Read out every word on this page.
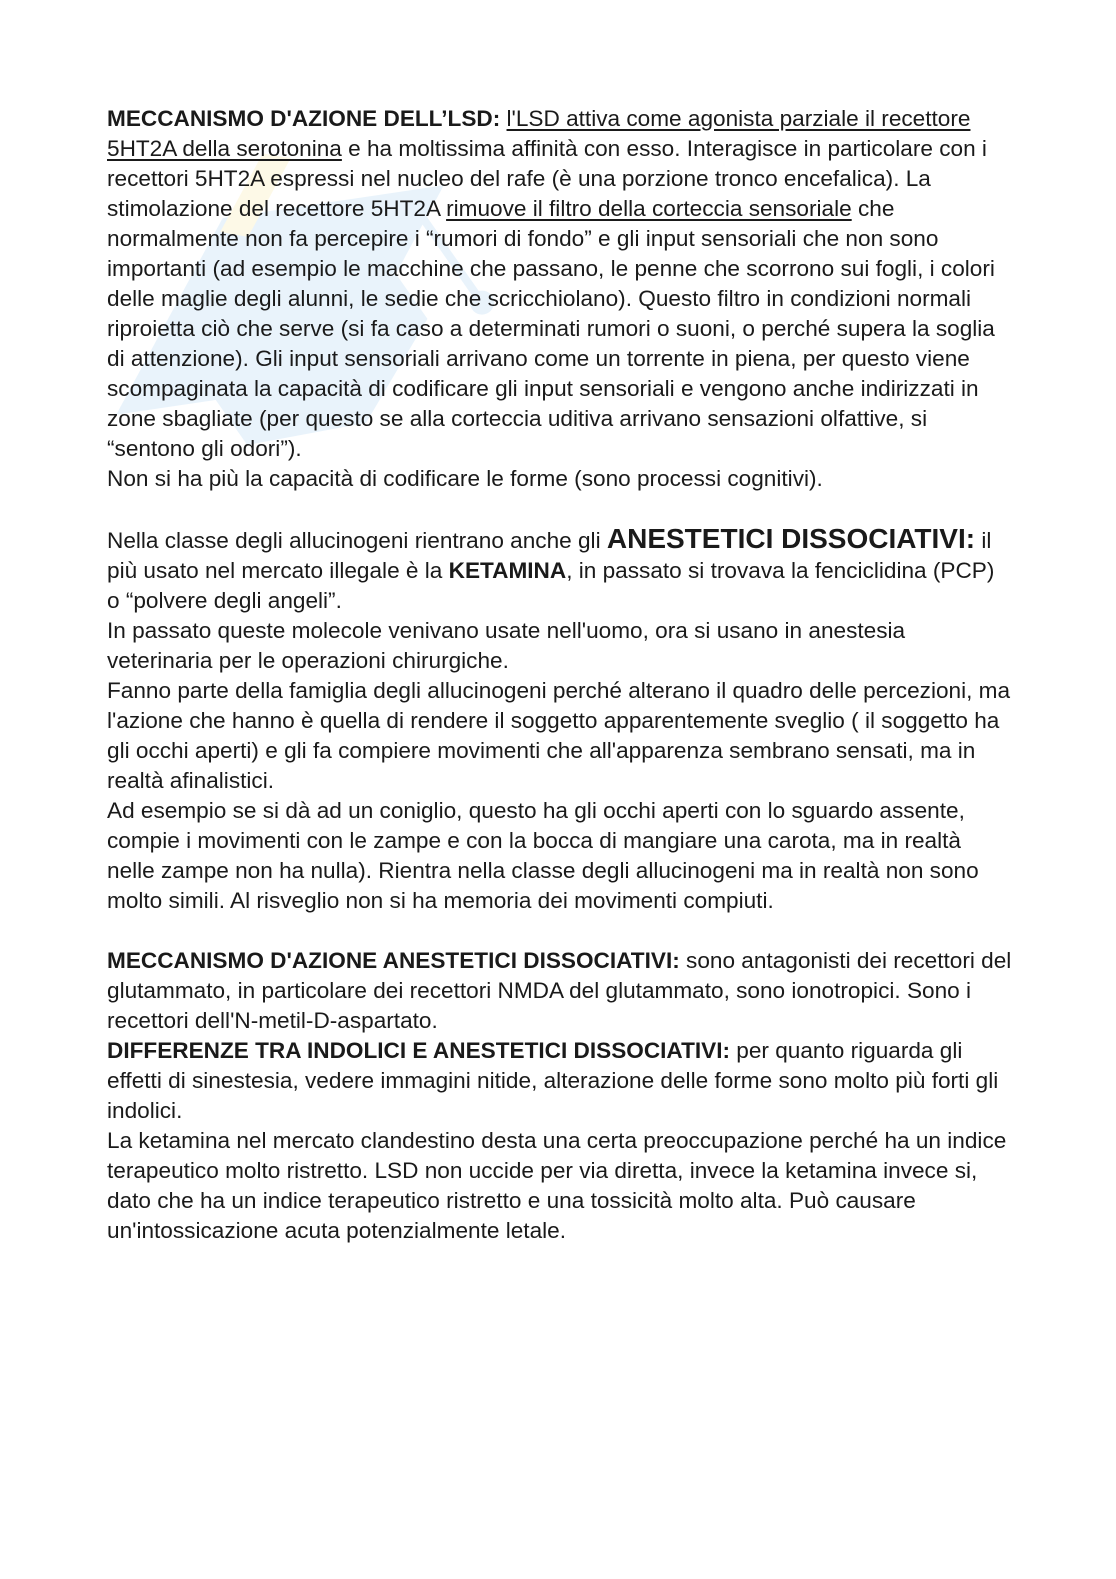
MECCANISMO D'AZIONE DELL’LSD: l'LSD attiva come agonista parziale il recettore 5HT2A della serotonina e ha moltissima affinità con esso. Interagisce in particolare con i recettori 5HT2A espressi nel nucleo del rafe (è una porzione tronco encefalica). La stimolazione del recettore 5HT2A rimuove il filtro della corteccia sensoriale che normalmente non fa percepire i “rumori di fondo” e gli input sensoriali che non sono importanti (ad esempio le macchine che passano, le penne che scorrono sui fogli, i colori delle maglie degli alunni, le sedie che scricchiolano). Questo filtro in condizioni normali riproietta ciò che serve (si fa caso a determinati rumori o suoni, o perché supera la soglia di attenzione). Gli input sensoriali arrivano come un torrente in piena, per questo viene scompaginata la capacità di codificare gli input sensoriali e vengono anche indirizzati in zone sbagliate (per questo se alla corteccia uditiva arrivano sensazioni olfattive, si “sentono gli odori”).

Non si ha più la capacità di codificare le forme (sono processi cognitivi).

Nella classe degli allucinogeni rientrano anche gli ANESTETICI DISSOCIATIVI: il più usato nel mercato illegale è la KETAMINA, in passato si trovava la fenciclidina (PCP) o “polvere degli angeli”.

In passato queste molecole venivano usate nell'uomo, ora si usano in anestesia veterinaria per le operazioni chirurgiche.

Fanno parte della famiglia degli allucinogeni perché alterano il quadro delle percezioni, ma l'azione che hanno è quella di rendere il soggetto apparentemente sveglio ( il soggetto ha gli occhi aperti) e gli fa compiere movimenti che all'apparenza sembrano sensati, ma in realtà afinalistici.

Ad esempio se si dà ad un coniglio, questo ha gli occhi aperti con lo sguardo assente, compie i movimenti con le zampe e con la bocca di mangiare una carota, ma in realtà nelle zampe non ha nulla). Rientra nella classe degli allucinogeni ma in realtà non sono molto simili. Al risveglio non si ha memoria dei movimenti compiuti.

MECCANISMO D'AZIONE ANESTETICI DISSOCIATIVI: sono antagonisti dei recettori del glutammato, in particolare dei recettori NMDA del glutammato, sono ionotropici. Sono i recettori dell'N-metil-D-aspartato.

DIFFERENZE TRA INDOLICI E ANESTETICI DISSOCIATIVI: per quanto riguarda gli effetti di sinestesia, vedere immagini nitide, alterazione delle forme sono molto più forti gli indolici.

La ketamina nel mercato clandestino desta una certa preoccupazione perché ha un indice terapeutico molto ristretto. LSD non uccide per via diretta, invece la ketamina invece si, dato che ha un indice terapeutico ristretto e una tossicità molto alta. Può causare un'intossicazione acuta potenzialmente letale.
